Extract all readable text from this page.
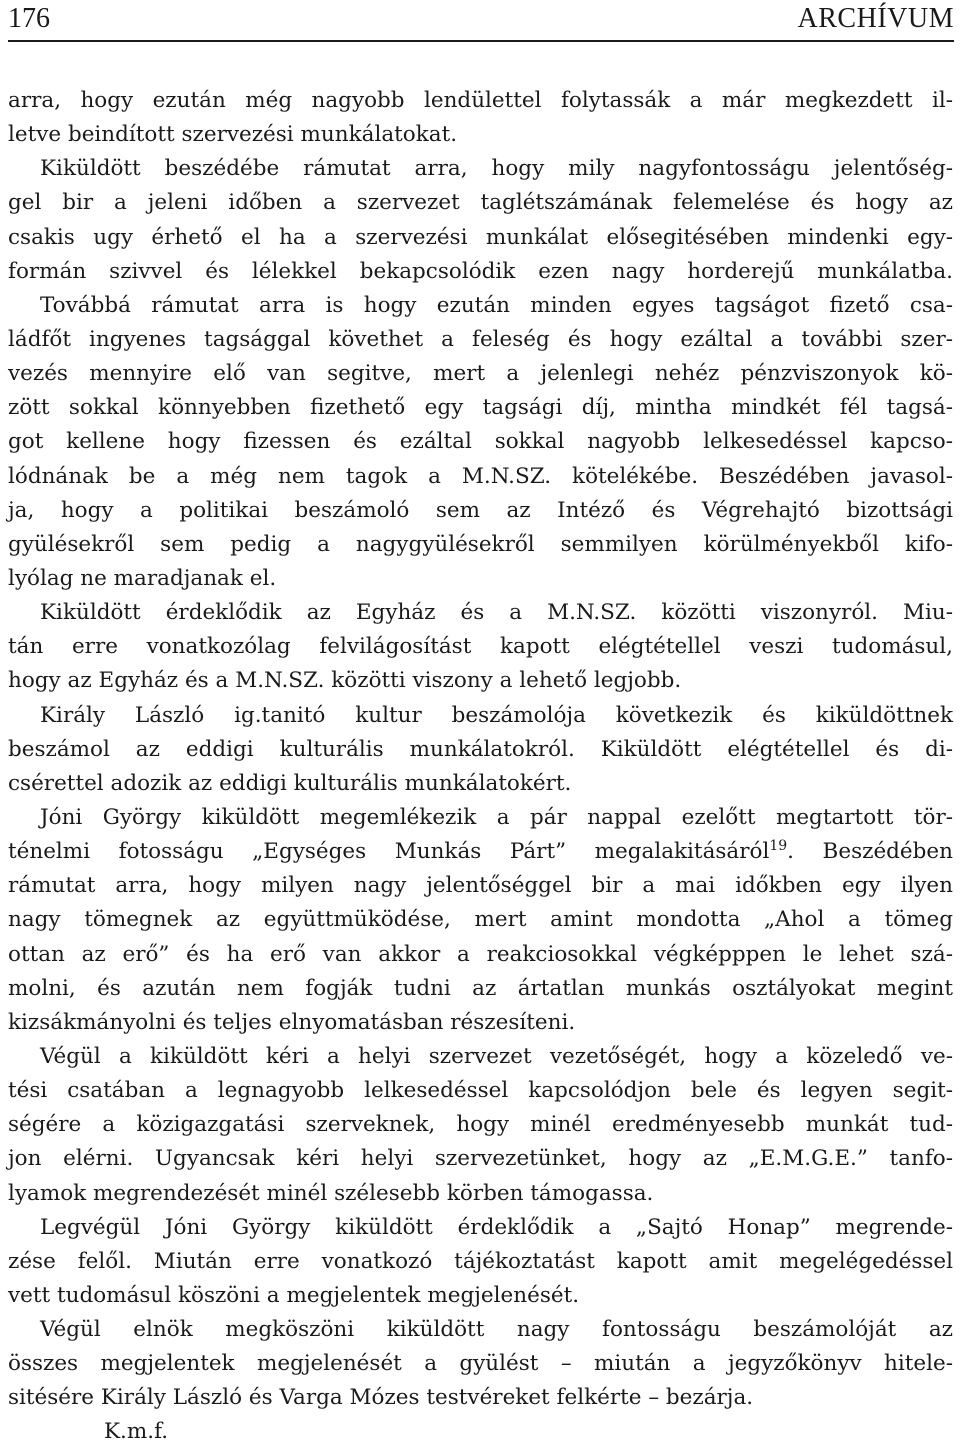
176	ARCHÍVUM
arra, hogy ezután még nagyobb lendülettel folytassák a már megkezdett il-
letve beindított szervezési munkálatokat.
Kiküldött beszédébe rámutat arra, hogy mily nagyfontosságu jelentőség-
gel bir a jeleni időben a szervezet taglétszámának felemelése és hogy az
csakis ugy érhető el ha a szervezési munkálat elősegitésében mindenki egy-
formán szivvel és lélekkel bekapcsolódik ezen nagy horderejű munkálatba.
Továbbá rámutat arra is hogy ezután minden egyes tagságot fizető csa-
ládfőt ingyenes tagsággal követhet a feleség és hogy ezáltal a további szer-
vezés mennyire elő van segitve, mert a jelenlegi nehéz pénzviszonyok kö-
zött sokkal könnyebben fizethető egy tagsági díj, mintha mindkét fél tagsá-
got kellene hogy fizessen és ezáltal sokkal nagyobb lelkesedéssel kapcso-
lódnának be a még nem tagok a M.N.SZ. kötelékébe. Beszédében javasol-
ja, hogy a politikai beszámoló sem az Intéző és Végrehajtó bizottsági
gyülésekről sem pedig a nagygyülésekről semmilyen körülményekből kifo-
lyólag ne maradjanak el.
Kiküldött érdeklődik az Egyház és a M.N.SZ. közötti viszonyról. Miu-
tán erre vonatkozólag felvilágosítást kapott elégtétellel veszi tudomásul,
hogy az Egyház és a M.N.SZ. közötti viszony a lehető legjobb.
Király László ig.tanitó kultur beszámolója következik és kiküldöttnek
beszámol az eddigi kulturális munkálatokról. Kiküldött elégtétellel és di-
csérettel adozik az eddigi kulturális munkálatokért.
Jóni György kiküldött megemlékezik a pár nappal ezelőtt megtartott tör-
ténelmi fotosságu „Egységes Munkás Párt” megalakitásáról$^{19}$. Beszédében
rámutat arra, hogy milyen nagy jelentőséggel bir a mai időkben egy ilyen
nagy tömegnek az együttmüködése, mert amint mondotta „Ahol a tömeg
ottan az erő” és ha erő van akkor a reakciosokkal végképppen le lehet szá-
molni, és azután nem fogják tudni az ártatlan munkás osztályokat megint
kizsákmányolni és teljes elnyomatásban részesíteni.
Végül a kiküldött kéri a helyi szervezet vezetőségét, hogy a közeledő ve-
tési csatában a legnagyobb lelkesedéssel kapcsolódjon bele és legyen segit-
ségére a közigazgatási szerveknek, hogy minél eredményesebb munkát tud-
jon elérni. Ugyancsak kéri helyi szervezetünket, hogy az „E.M.G.E.” tanfo-
lyamok megrendezését minél szélesebb körben támogassa.
Legvégül Jóni György kiküldött érdeklődik a „Sajtó Honap” megrende-
zése felől. Miután erre vonatkozó tájékoztatást kapott amit megelégedéssel
vett tudomásul köszöni a megjelentek megjelenését.
Végül elnök megköszöni kiküldött nagy fontosságu beszámolóját az
összes megjelentek megjelenését a gyülést – miután a jegyzőkönyv hitele-
sitésére Király László és Varga Mózes testvéreket felkérte – bezárja.
K.m.f.
